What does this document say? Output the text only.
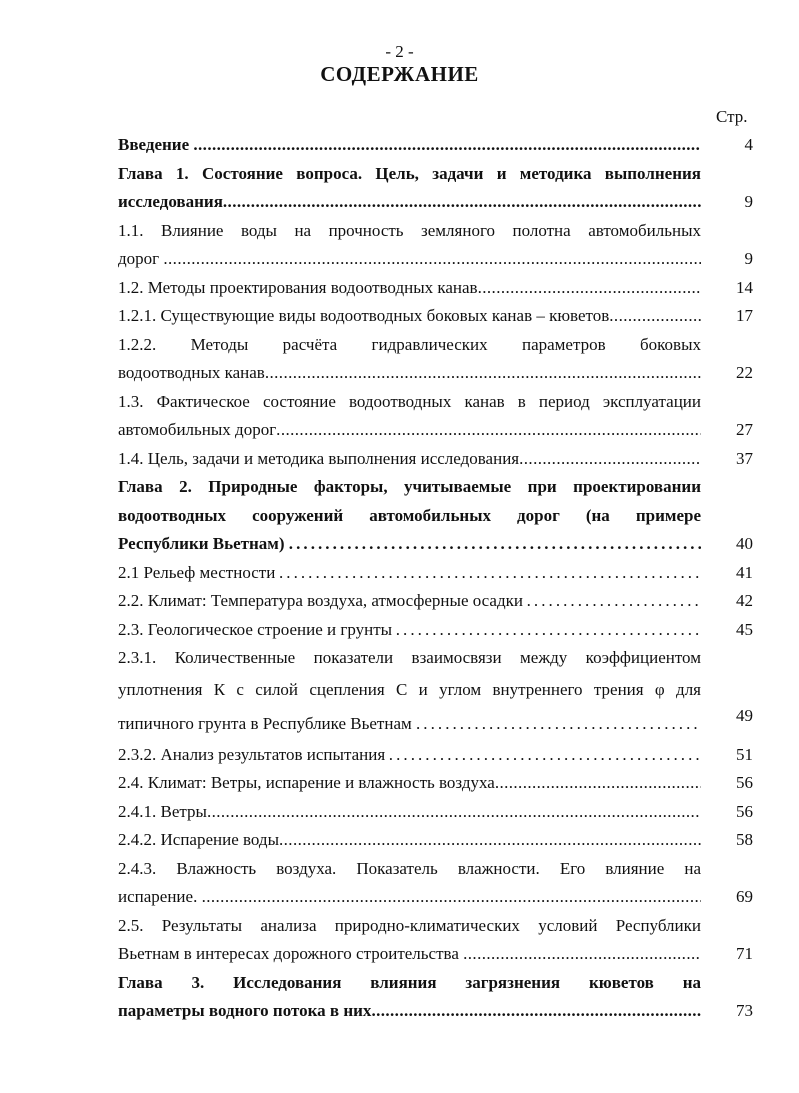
- 2 -
СОДЕРЖАНИЕ
Стр.
Введение .....	4
Глава 1. Состояние вопроса. Цель, задачи и методика выполнения
исследования .....	9
1.1. Влияние воды на прочность земляного полотна автомобильных
дорог .....	9
1.2. Методы проектирования водоотводных канав .....	14
1.2.1. Существующие виды водоотводных боковых канав – кюветов .....	17
1.2.2. Методы расчёта гидравлических параметров боковых
водоотводных канав .....	22
1.3. Фактическое состояние водоотводных канав в период эксплуатации
автомобильных дорог .....	27
1.4. Цель, задачи и методика выполнения исследования .....	37
Глава 2. Природные факторы, учитываемые при проектировании
водоотводных сооружений автомобильных дорог (на примере
Республики Вьетнам) . . .	40
2.1 Рельеф местности . . .	41
2.2. Климат: Температура воздуха, атмосферные осадки . . .	42
2.3. Геологическое строение и грунты . . .	45
2.3.1. Количественные показатели взаимосвязи между коэффициентом
уплотнения К с силой сцепления С и углом внутреннего трения φ для
типичного грунта в Республике Вьетнам . . .	49
2.3.2. Анализ результатов испытания . . .	51
2.4. Климат: Ветры, испарение и влажность воздуха .....	56
2.4.1. Ветры .....	56
2.4.2. Испарение воды .....	58
2.4.3. Влажность воздуха. Показатель влажности. Его влияние на
испарение. .....	69
2.5. Результаты анализа природно-климатических условий Республики
Вьетнам в интересах дорожного строительства .....	71
Глава 3. Исследования влияния загрязнения кюветов на
параметры водного потока в них .....	73
